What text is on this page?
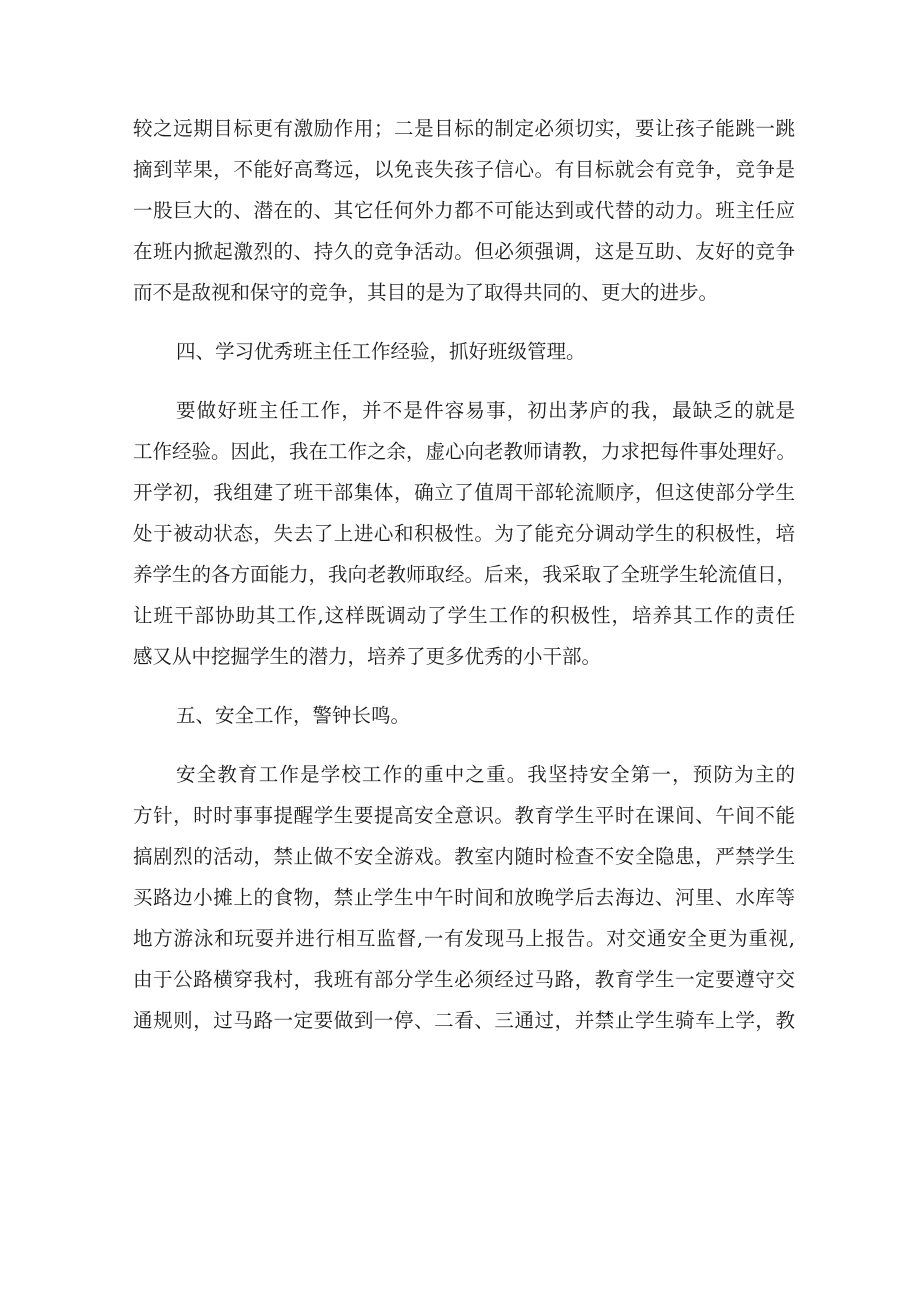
较之远期目标更有激励作用；二是目标的制定必须切实，要让孩子能跳一跳
摘到苹果，不能好高骛远，以免丧失孩子信心。有目标就会有竞争，竞争是
一股巨大的、潜在的、其它任何外力都不可能达到或代替的动力。班主任应
在班内掀起激烈的、持久的竞争活动。但必须强调，这是互助、友好的竞争
而不是敌视和保守的竞争，其目的是为了取得共同的、更大的进步。
四、学习优秀班主任工作经验，抓好班级管理。
要做好班主任工作，并不是件容易事，初出茅庐的我，最缺乏的就是
工作经验。因此，我在工作之余，虚心向老教师请教，力求把每件事处理好。
开学初，我组建了班干部集体，确立了值周干部轮流顺序，但这使部分学生
处于被动状态，失去了上进心和积极性。为了能充分调动学生的积极性，培
养学生的各方面能力，我向老教师取经。后来，我采取了全班学生轮流值日，
让班干部协助其工作,这样既调动了学生工作的积极性，培养其工作的责任
感又从中挖掘学生的潜力，培养了更多优秀的小干部。
五、安全工作，警钟长鸣。
安全教育工作是学校工作的重中之重。我坚持安全第一，预防为主的
方针，时时事事提醒学生要提高安全意识。教育学生平时在课间、午间不能
搞剧烈的活动，禁止做不安全游戏。教室内随时检查不安全隐患，严禁学生
买路边小摊上的食物，禁止学生中午时间和放晚学后去海边、河里、水库等
地方游泳和玩耍并进行相互监督,一有发现马上报告。对交通安全更为重视,
由于公路横穿我村，我班有部分学生必须经过马路，教育学生一定要遵守交
通规则，过马路一定要做到一停、二看、三通过，并禁止学生骑车上学，教
